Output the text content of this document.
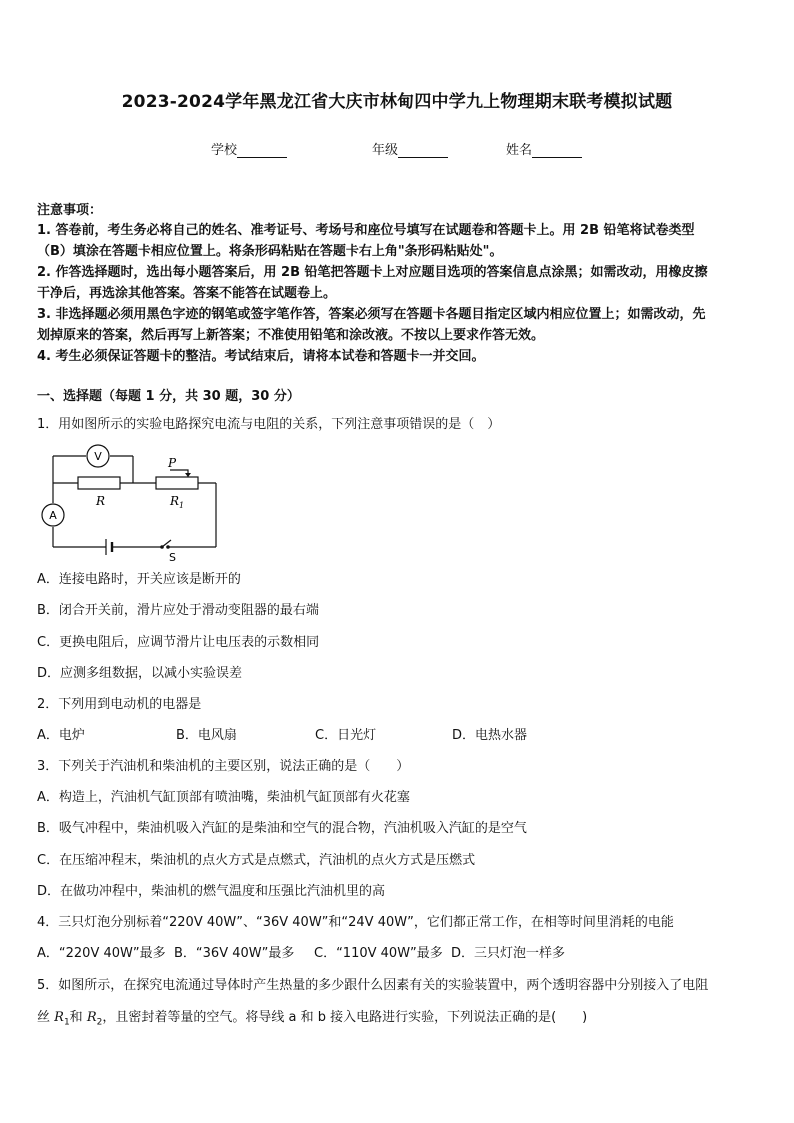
2023-2024学年黑龙江省大庆市林甸四中学九上物理期末联考模拟试题
学校	年级	姓名
注意事项：
1. 答卷前，考生务必将自己的姓名、准考证号、考场号和座位号填写在试题卷和答题卡上。用 2B 铅笔将试卷类型
（B）填涂在答题卡相应位置上。将条形码粘贴在答题卡右上角"条形码粘贴处"。
2. 作答选择题时，选出每小题答案后，用 2B 铅笔把答题卡上对应题目选项的答案信息点涂黑；如需改动，用橡皮擦
干净后，再选涂其他答案。答案不能答在试题卷上。
3. 非选择题必须用黑色字迹的钢笔或签字笔作答，答案必须写在答题卡各题目指定区域内相应位置上；如需改动，先
划掉原来的答案，然后再写上新答案；不准使用铅笔和涂改液。不按以上要求作答无效。
4. 考生必须保证答题卡的整洁。考试结束后，请将本试卷和答题卡一并交回。
一、选择题（每题 1 分，共 30 题，30 分）
1．用如图所示的实验电路探究电流与电阻的关系，下列注意事项错误的是（　）
V
A
R
P
$R_1$
S
A．连接电路时，开关应该是断开的
B．闭合开关前，滑片应处于滑动变阻器的最右端
C．更换电阻后，应调节滑片让电压表的示数相同
D．应测多组数据，以减小实验误差
2．下列用到电动机的电器是
A．电炉	B．电风扇	C．日光灯	D．电热水器
3．下列关于汽油机和柴油机的主要区别，说法正确的是（　　）
A．构造上，汽油机气缸顶部有喷油嘴，柴油机气缸顶部有火花塞
B．吸气冲程中，柴油机吸入汽缸的是柴油和空气的混合物，汽油机吸入汽缸的是空气
C．在压缩冲程末，柴油机的点火方式是点燃式，汽油机的点火方式是压燃式
D．在做功冲程中，柴油机的燃气温度和压强比汽油机里的高
4．三只灯泡分别标着“220V 40W”、“36V 40W”和“24V 40W”，它们都正常工作，在相等时间里消耗的电能
A．“220V 40W”最多 B．“36V 40W”最多 C．“110V 40W”最多 D．三只灯泡一样多
5．如图所示，在探究电流通过导体时产生热量的多少跟什么因素有关的实验装置中，两个透明容器中分别接入了电阻
丝 $R_1$和 $R_2$，且密封着等量的空气。将导线 a 和 b 接入电路进行实验，下列说法正确的是(　　)
